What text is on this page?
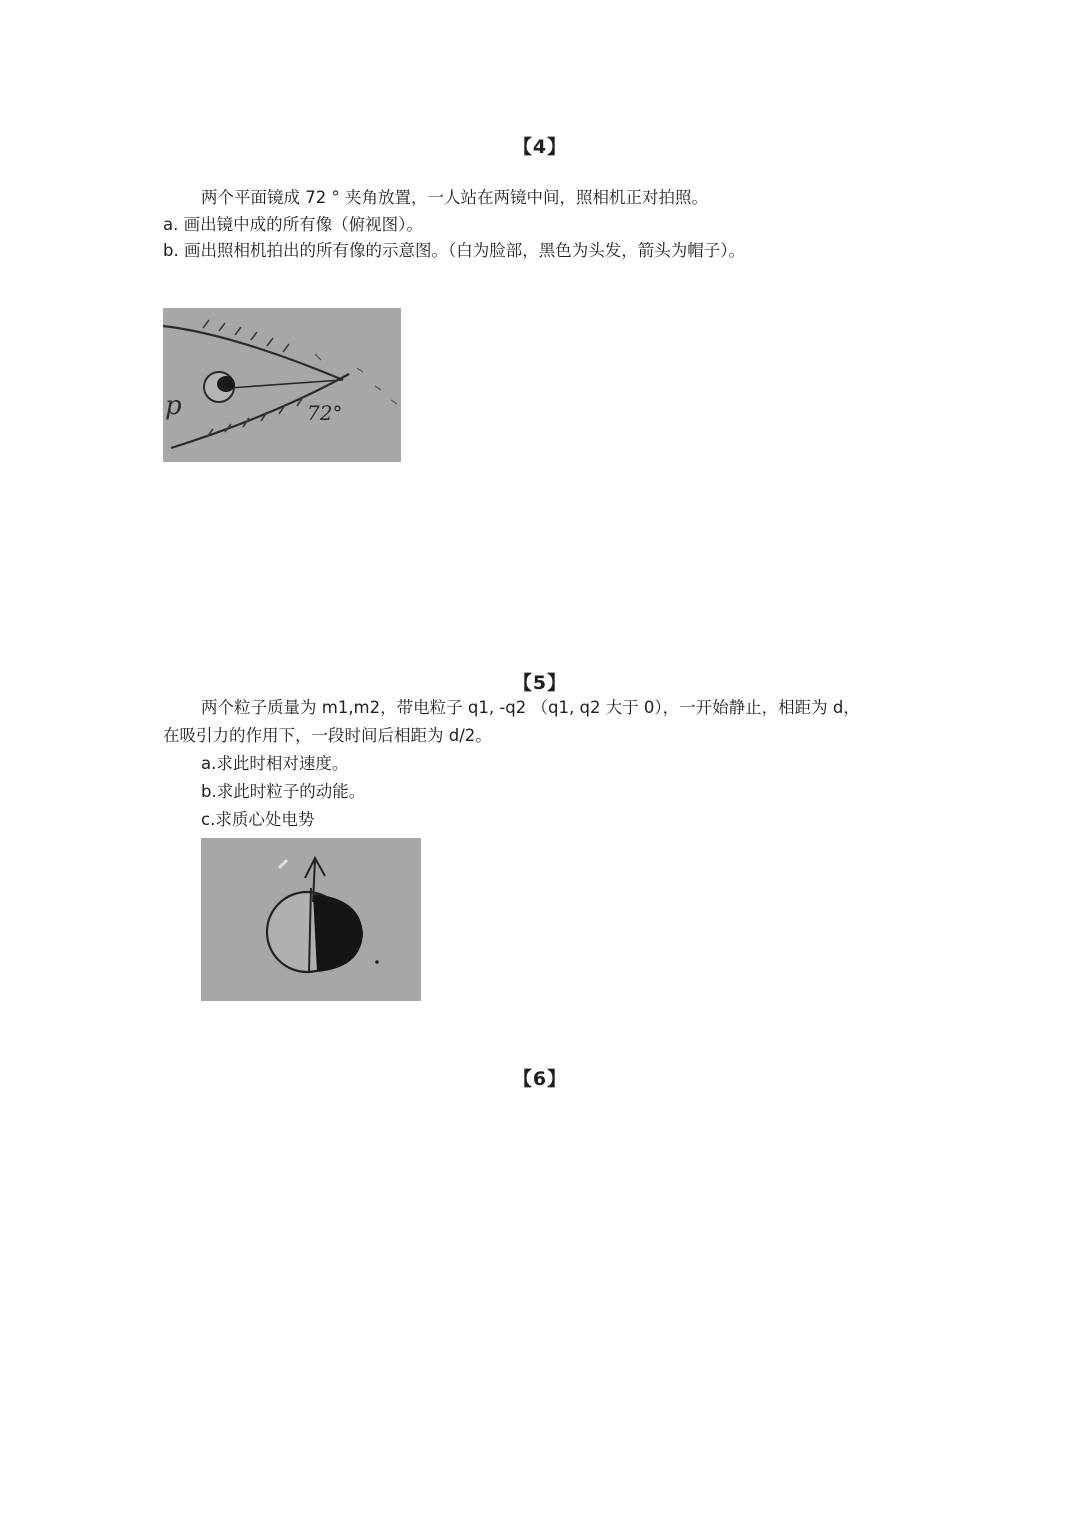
【4】
两个平面镜成 72 ° 夹角放置，一人站在两镜中间，照相机正对拍照。
a. 画出镜中成的所有像（俯视图）。
b. 画出照相机拍出的所有像的示意图。（白为脸部，黑色为头发，箭头为帽子）。
p	72°
【5】
两个粒子质量为 m1,m2，带电粒子 q1, -q2 （q1, q2 大于 0），一开始静止，相距为 d，
在吸引力的作用下，一段时间后相距为 d/2。
a.求此时相对速度。
b.求此时粒子的动能。
c.求质心处电势
【6】
